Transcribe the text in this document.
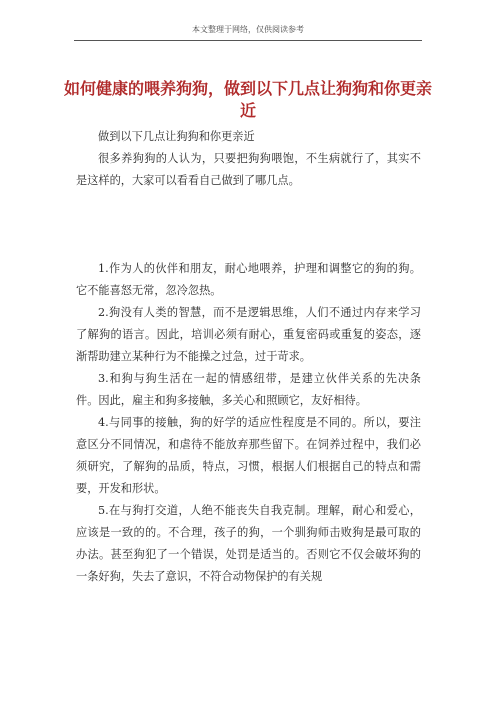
本文整理于网络，仅供阅读参考
如何健康的喂养狗狗，做到以下几点让狗狗和你更亲近
做到以下几点让狗狗和你更亲近
很多养狗狗的人认为，只要把狗狗喂饱，不生病就行了，其实不是这样的，大家可以看看自己做到了哪几点。

1.作为人的伙伴和朋友，耐心地喂养，护理和调整它的狗的狗。它不能喜怒无常，忽冷忽热。

2.狗没有人类的智慧，而不是逻辑思维，人们不通过内存来学习了解狗的语言。因此，培训必须有耐心，重复密码或重复的姿态，逐渐帮助建立某种行为不能操之过急，过于苛求。

3.和狗与狗生活在一起的情感纽带，是建立伙伴关系的先决条件。因此，雇主和狗多接触，多关心和照顾它，友好相待。

4.与同事的接触，狗的好学的适应性程度是不同的。所以，要注意区分不同情况，和虐待不能放弃那些留下。在饲养过程中，我们必须研究，了解狗的品质，特点，习惯，根据人们根据自己的特点和需要，开发和形状。

5.在与狗打交道，人绝不能丧失自我克制。理解，耐心和爱心，应该是一致的的。不合理，孩子的狗，一个驯狗师击败狗是最可取的办法。甚至狗犯了一个错误，处罚是适当的。否则它不仅会破坏狗的一条好狗，失去了意识，不符合动物保护的有关规
